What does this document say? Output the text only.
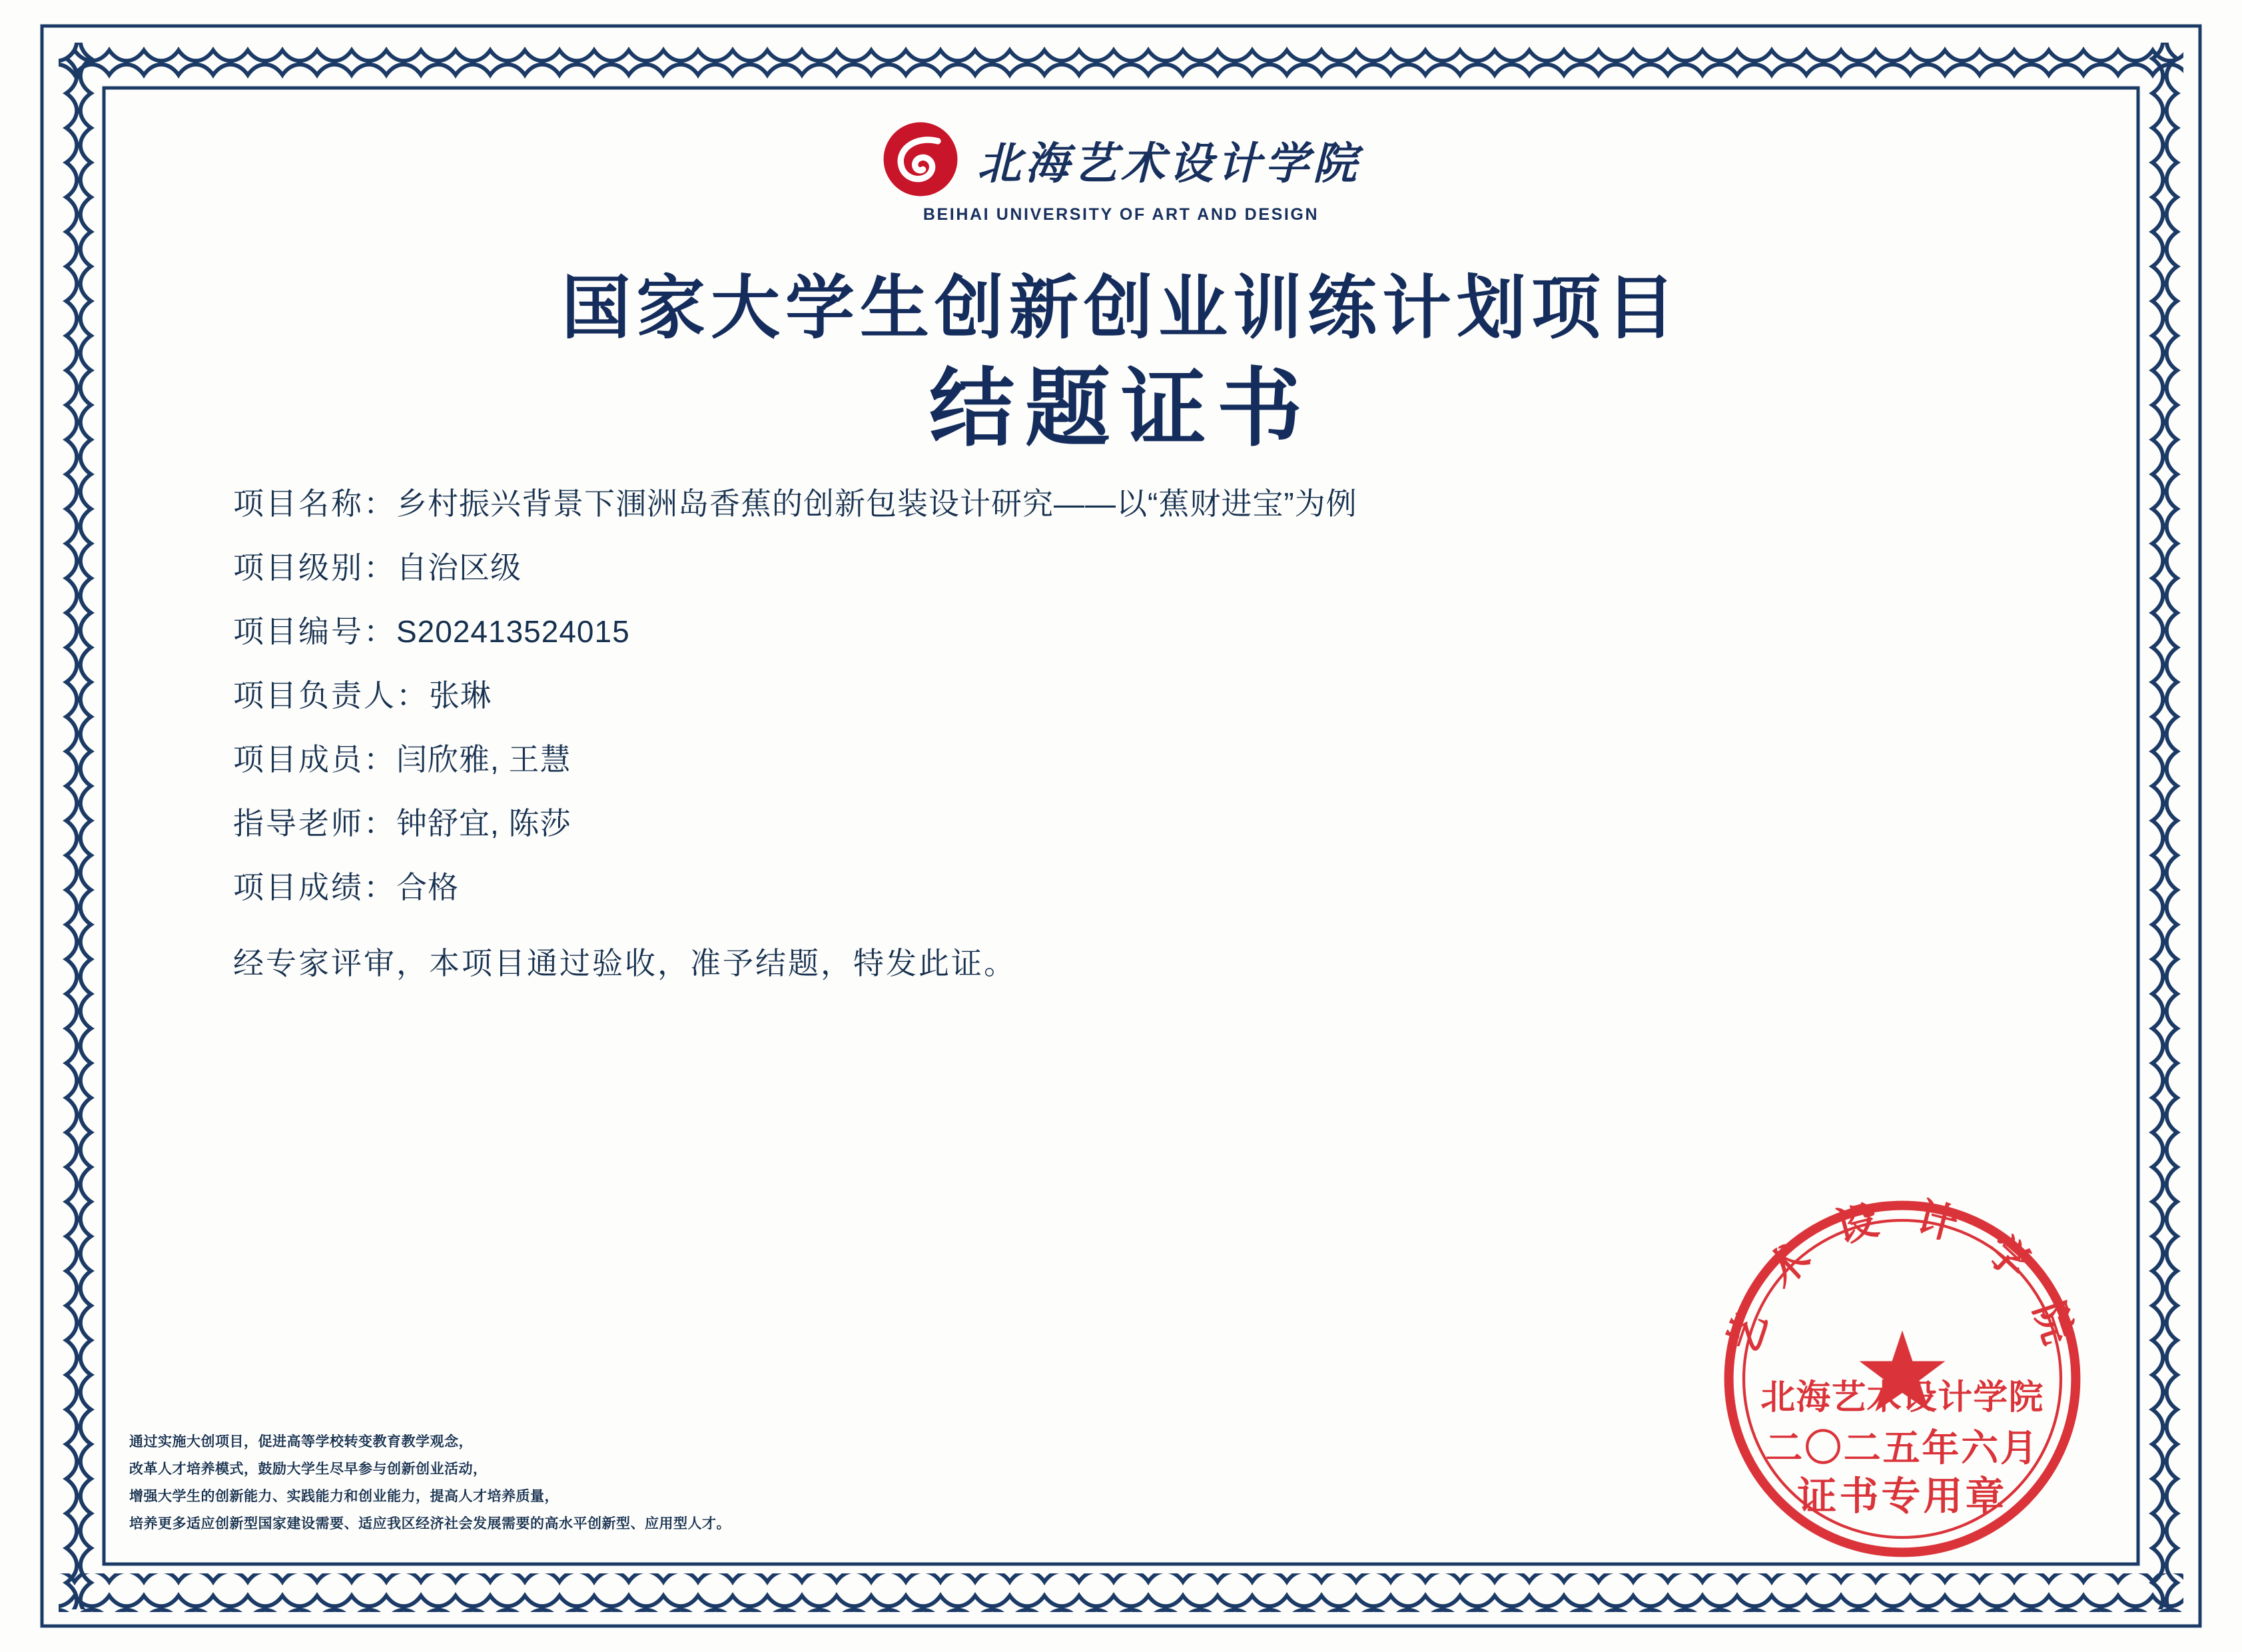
北海艺术设计学院
BEIHAI UNIVERSITY OF ART AND DESIGN
国家大学生创新创业训练计划项目
结题证书
项目名称： 乡村振兴背景下涠洲岛香蕉的创新包装设计研究——以“蕉财进宝”为例
项目级别： 自治区级
项目编号： S202413524015
项目负责人： 张琳
项目成员： 闫欣雅, 王慧
指导老师： 钟舒宜, 陈莎
项目成绩： 合格
经专家评审，本项目通过验收，准予结题，特发此证。
通过实施大创项目，促进高等学校转变教育教学观念，
改革人才培养模式，鼓励大学生尽早参与创新创业活动，
增强大学生的创新能力、实践能力和创业能力，提高人才培养质量，
培养更多适应创新型国家建设需要、适应我区经济社会发展需要的高水平创新型、应用型人才。
艺 术 设 计 学 院
北海艺术设计学院
二〇二五年六月
证书专用章
